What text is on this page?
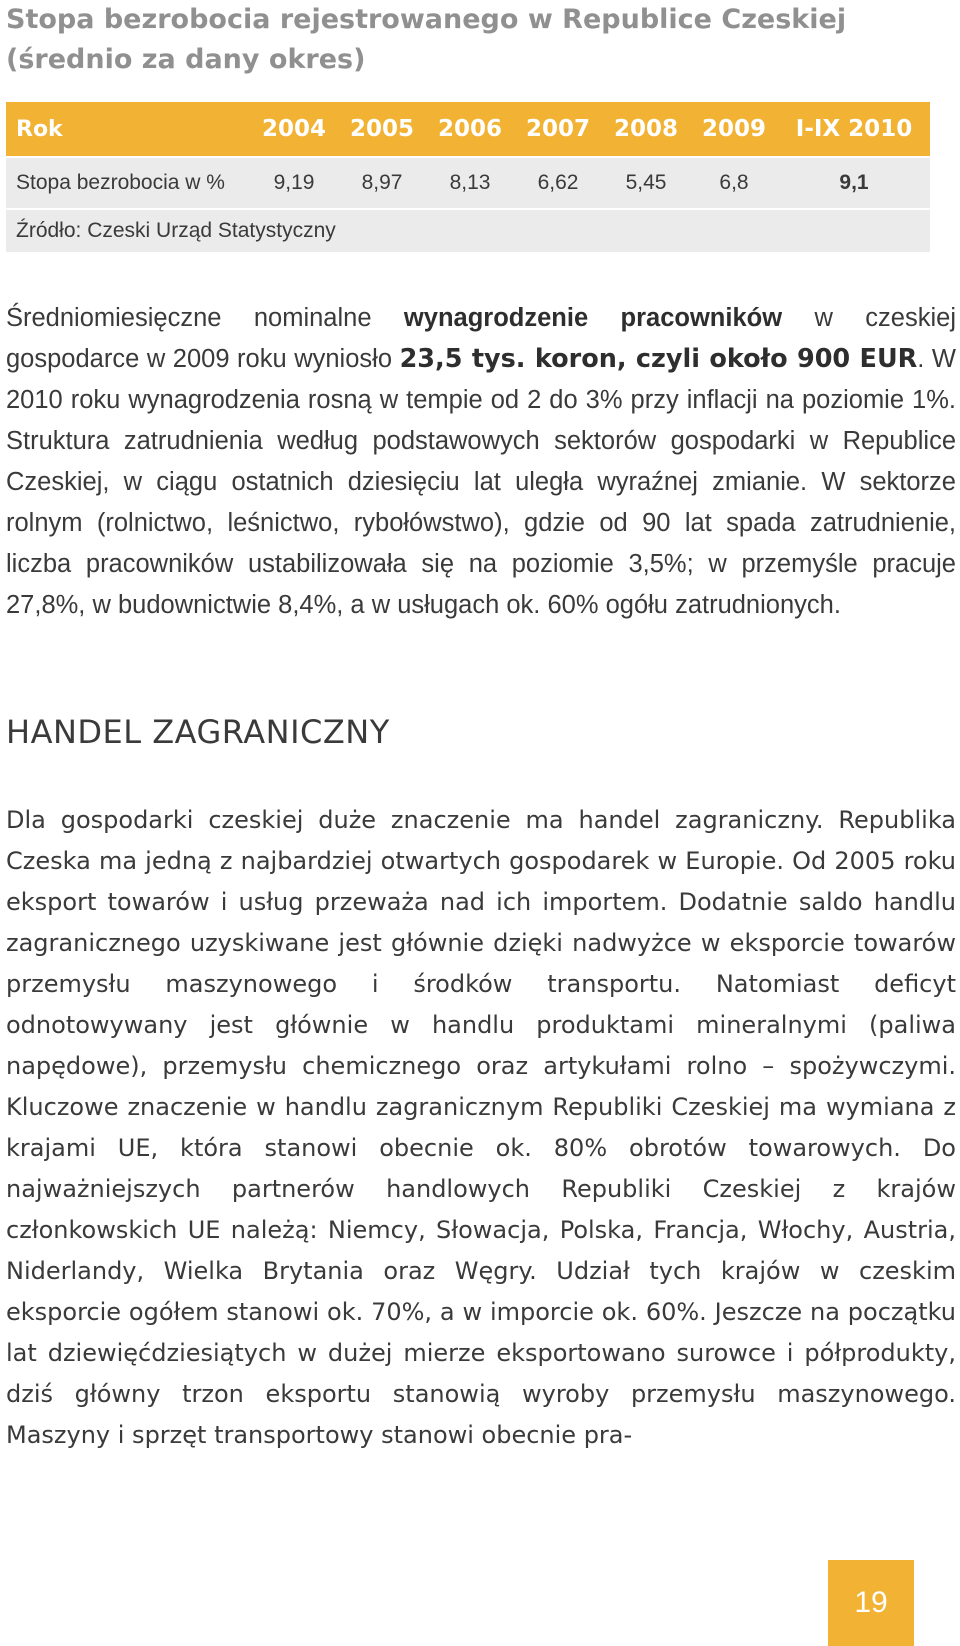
Stopa bezrobocia rejestrowanego w Republice Czeskiej
(średnio za dany okres)
Rok	2004	2005	2006	2007	2008	2009	I-IX 2010
Stopa bezrobocia w %	9,19	8,97	8,13	6,62	5,45	6,8	9,1
Źródło: Czeski Urząd Statystyczny							

Średniomiesięczne nominalne wynagrodzenie pracowników w czeskiej gospodarce w 2009 roku wyniosło 23,5 tys. koron, czyli około 900 EUR. W 2010 roku wynagrodzenia rosną w tempie od 2 do 3% przy inflacji na poziomie 1%. Struktura zatrudnienia według podstawowych sektorów gospodarki w Republice Czeskiej, w ciągu ostatnich dziesięciu lat uległa wyraźnej zmianie. W sektorze rolnym (rolnictwo, leśnictwo, rybołówstwo), gdzie od 90 lat spada zatrudnienie, liczba pracowników ustabilizowała się na poziomie 3,5%; w przemyśle pracuje 27,8%, w budownictwie 8,4%, a w usługach ok. 60% ogółu zatrudnionych.

HANDEL ZAGRANICZNY

Dla gospodarki czeskiej duże znaczenie ma handel zagraniczny. Republika Czeska ma jedną z najbardziej otwartych gospodarek w Europie. Od 2005 roku eksport towarów i usług przeważa nad ich importem. Dodatnie saldo handlu zagranicznego uzyskiwane jest głównie dzięki nadwyżce w eksporcie towarów przemysłu maszynowego i środków transportu. Natomiast deficyt odnotowywany jest głównie w handlu produktami mineralnymi (paliwa napędowe), przemysłu chemicznego oraz artykułami rolno – spożywczymi. Kluczowe znaczenie w handlu zagranicznym Republiki Czeskiej ma wymiana z krajami UE, która stanowi obecnie ok. 80% obrotów towarowych. Do najważniejszych partnerów handlowych Republiki Czeskiej z krajów członkowskich UE należą: Niemcy, Słowacja, Polska, Francja, Włochy, Austria, Niderlandy, Wielka Brytania oraz Węgry. Udział tych krajów w czeskim eksporcie ogółem stanowi ok. 70%, a w imporcie ok. 60%. Jeszcze na początku lat dziewięćdziesiątych w dużej mierze eksportowano surowce i półprodukty, dziś główny trzon eksportu stanowią wyroby przemysłu maszynowego. Maszyny i sprzęt transportowy stanowi obecnie pra-

19
